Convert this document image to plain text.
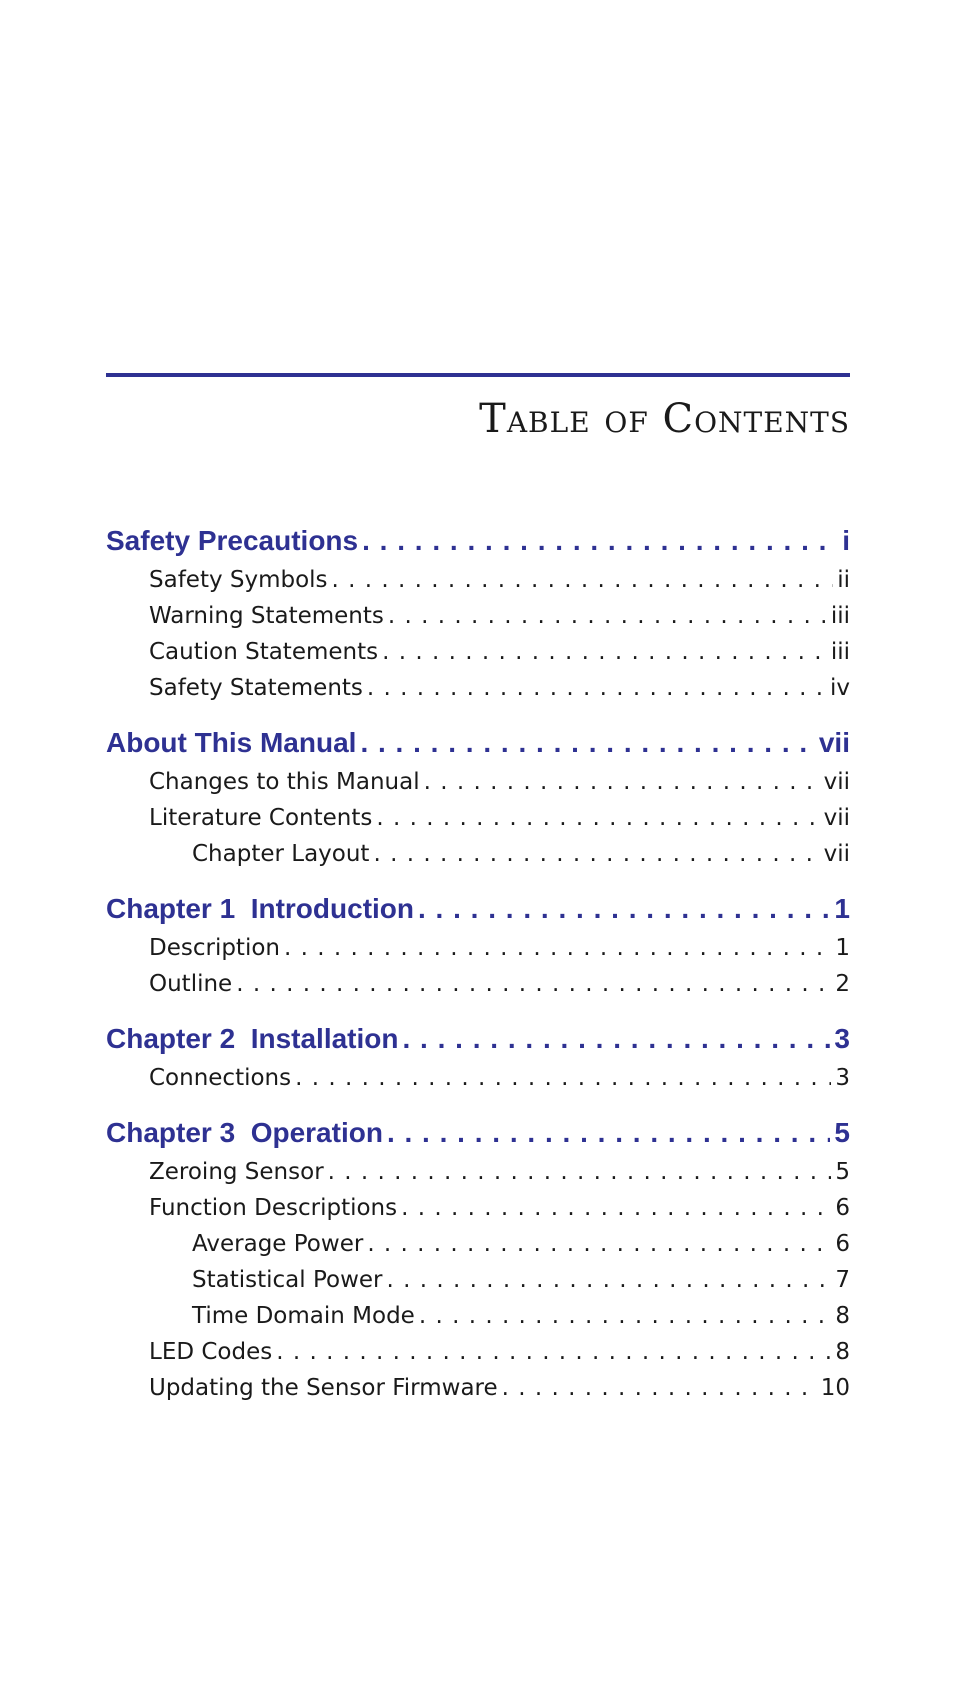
Table of Contents
Safety Precautions . . .	i
Safety Symbols . . .	ii
Warning Statements . . .	iii
Caution Statements . . .	iii
Safety Statements . . .	iv
About This Manual . . .	vii
Changes to this Manual . . .	vii
Literature Contents . . .	vii
Chapter Layout . . .	vii
Chapter 1  Introduction . . .	1
Description . . .	1
Outline . . .	2
Chapter 2  Installation . . .	3
Connections . . .	3
Chapter 3  Operation . . .	5
Zeroing Sensor . . .	5
Function Descriptions . . .	6
Average Power . . .	6
Statistical Power . . .	7
Time Domain Mode . . .	8
LED Codes . . .	8
Updating the Sensor Firmware . . .	10
